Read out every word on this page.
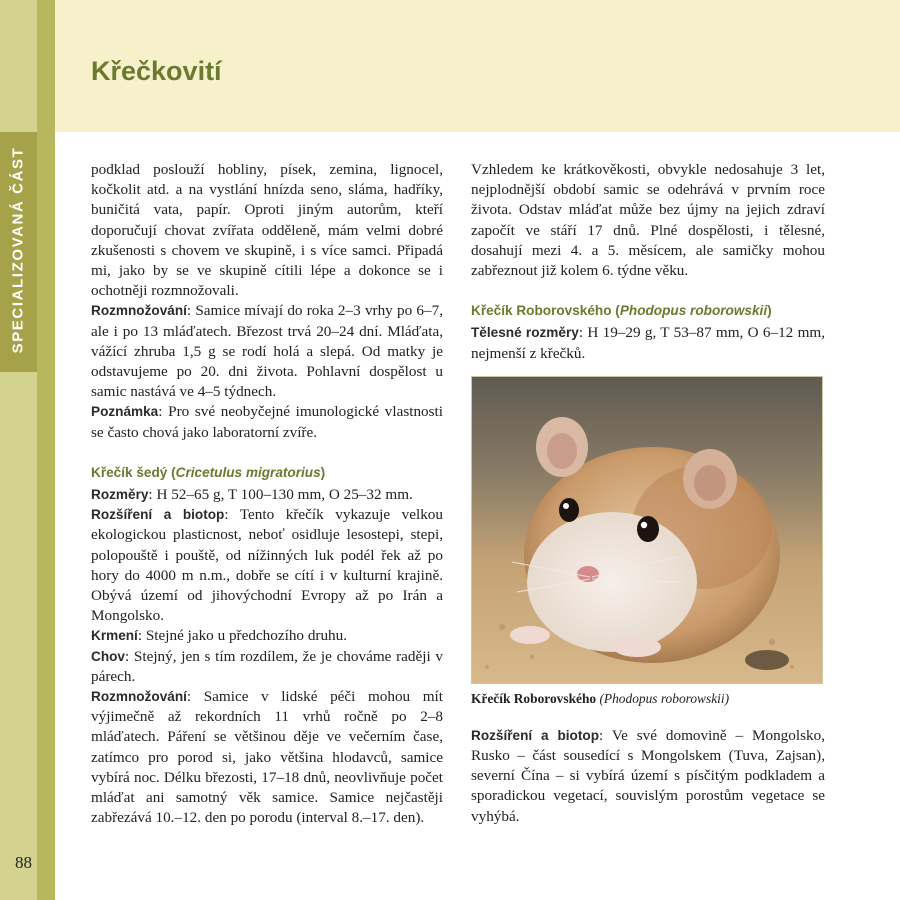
SPECIALIZOVANÁ ČÁST
88
Křečkovití

podklad poslouží hobliny, písek, zemina, lignocel, kočkolit atd. a na vystlání hnízda seno, sláma, hadříky, buničitá vata, papír. Oproti jiným autorům, kteří doporučují chovat zvířata odděleně, mám velmi dobré zkušenosti s chovem ve skupině, i s více samci. Připadá mi, jako by se ve skupině cítili lépe a dokonce se i ochotněji rozmnožovali.

Rozmnožování: Samice mívají do roka 2–3 vrhy po 6–7, ale i po 13 mláďatech. Březost trvá 20–24 dní. Mláďata, vážící zhruba 1,5 g se rodí holá a slepá. Od matky je odstavujeme po 20. dni života. Pohlavní dospělost u samic nastává ve 4–5 týdnech.

Poznámka: Pro své neobyčejné imunologické vlastnosti se často chová jako laboratorní zvíře.

Křečík šedý (Cricetulus migratorius)

Rozměry: H 52–65 g, T 100–130 mm, O 25–32 mm.

Rozšíření a biotop: Tento křečík vykazuje velkou ekologickou plasticnost, neboť osidluje lesostepi, stepi, polopouště i pouště, od nížinných luk podél řek až po hory do 4000 m n.m., dobře se cítí i v kulturní krajině. Obývá území od jihovýchodní Evropy až po Irán a Mongolsko.

Krmení: Stejné jako u předchozího druhu.

Chov: Stejný, jen s tím rozdílem, že je chováme raději v párech.

Rozmnožování: Samice v lidské péči mohou mít výjimečně až rekordních 11 vrhů ročně po 2–8 mláďatech. Páření se většinou děje ve večerním čase, zatímco pro porod si, jako většina hlodavců, samice vybírá noc. Délku březosti, 17–18 dnů, neovlivňuje počet mláďat ani samotný věk samice. Samice nejčastěji zabřezává 10.–12. den po porodu (interval 8.–17. den).

Vzhledem ke krátkověkosti, obvykle nedosahuje 3 let, nejplodnější období samic se odehrává v prvním roce života. Odstav mláďat může bez újmy na jejich zdraví započít ve stáří 17 dnů. Plné dospělosti, i tělesné, dosahují mezi 4. a 5. měsícem, ale samičky mohou zabřeznout již kolem 6. týdne věku.

Křečík Roborovského (Phodopus roborowskii)

Tělesné rozměry: H 19–29 g, T 53–87 mm, O 6–12 mm, nejmenší z křečků.

Křečík Roborovského (Phodopus roborowskii)

Rozšíření a biotop: Ve své domovině – Mongolsko, Rusko – část sousedící s Mongolskem (Tuva, Zajsan), severní Čína – si vybírá území s písčitým podkladem a sporadickou vegetací, souvislým porostům vegetace se vyhýbá.
